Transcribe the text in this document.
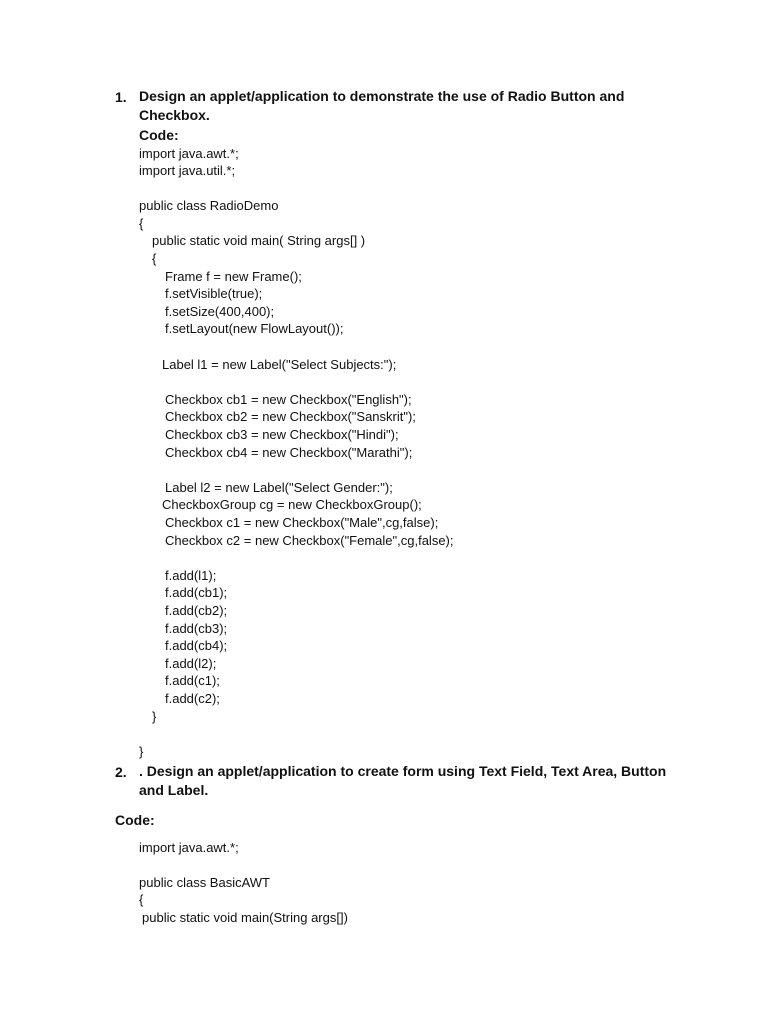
1. Design an applet/application to demonstrate the use of Radio Button and
Checkbox.
Code:
import java.awt.*;
import java.util.*;
public class RadioDemo
{
public static void main( String args[] )
{
Frame f = new Frame();
f.setVisible(true);
f.setSize(400,400);
f.setLayout(new FlowLayout());
Label l1 = new Label("Select Subjects:");
Checkbox cb1 = new Checkbox("English");
Checkbox cb2 = new Checkbox("Sanskrit");
Checkbox cb3 = new Checkbox("Hindi");
Checkbox cb4 = new Checkbox("Marathi");
Label l2 = new Label("Select Gender:");
CheckboxGroup cg = new CheckboxGroup();
Checkbox c1 = new Checkbox("Male",cg,false);
Checkbox c2 = new Checkbox("Female",cg,false);
f.add(l1);
f.add(cb1);
f.add(cb2);
f.add(cb3);
f.add(cb4);
f.add(l2);
f.add(c1);
f.add(c2);
}
}
2. . Design an applet/application to create form using Text Field, Text Area, Button
and Label.
Code:
import java.awt.*;
public class BasicAWT
{
public static void main(String args[])
